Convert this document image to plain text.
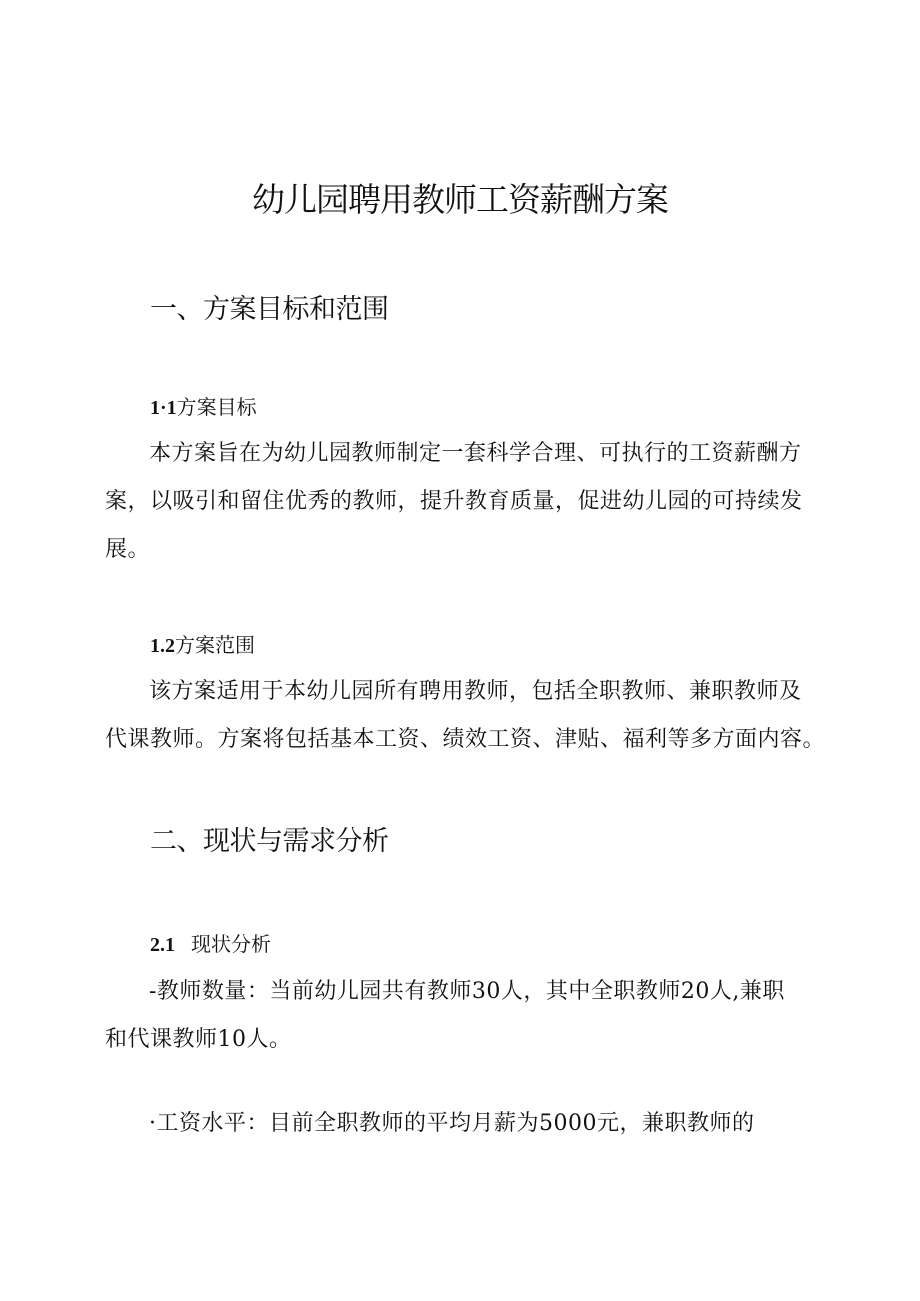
幼儿园聘用教师工资薪酬方案
一、方案目标和范围
1·1方案目标

本方案旨在为幼儿园教师制定一套科学合理、可执行的工资薪酬方
案，以吸引和留住优秀的教师，提升教育质量，促进幼儿园的可持续发
展。

1.2方案范围

该方案适用于本幼儿园所有聘用教师，包括全职教师、兼职教师及
代课教师。方案将包括基本工资、绩效工资、津贴、福利等多方面内容。

二、现状与需求分析
2.1 现状分析

-教师数量：当前幼儿园共有教师30人，其中全职教师20人,兼职
和代课教师10人。

·工资水平：目前全职教师的平均月薪为5000元，兼职教师的
